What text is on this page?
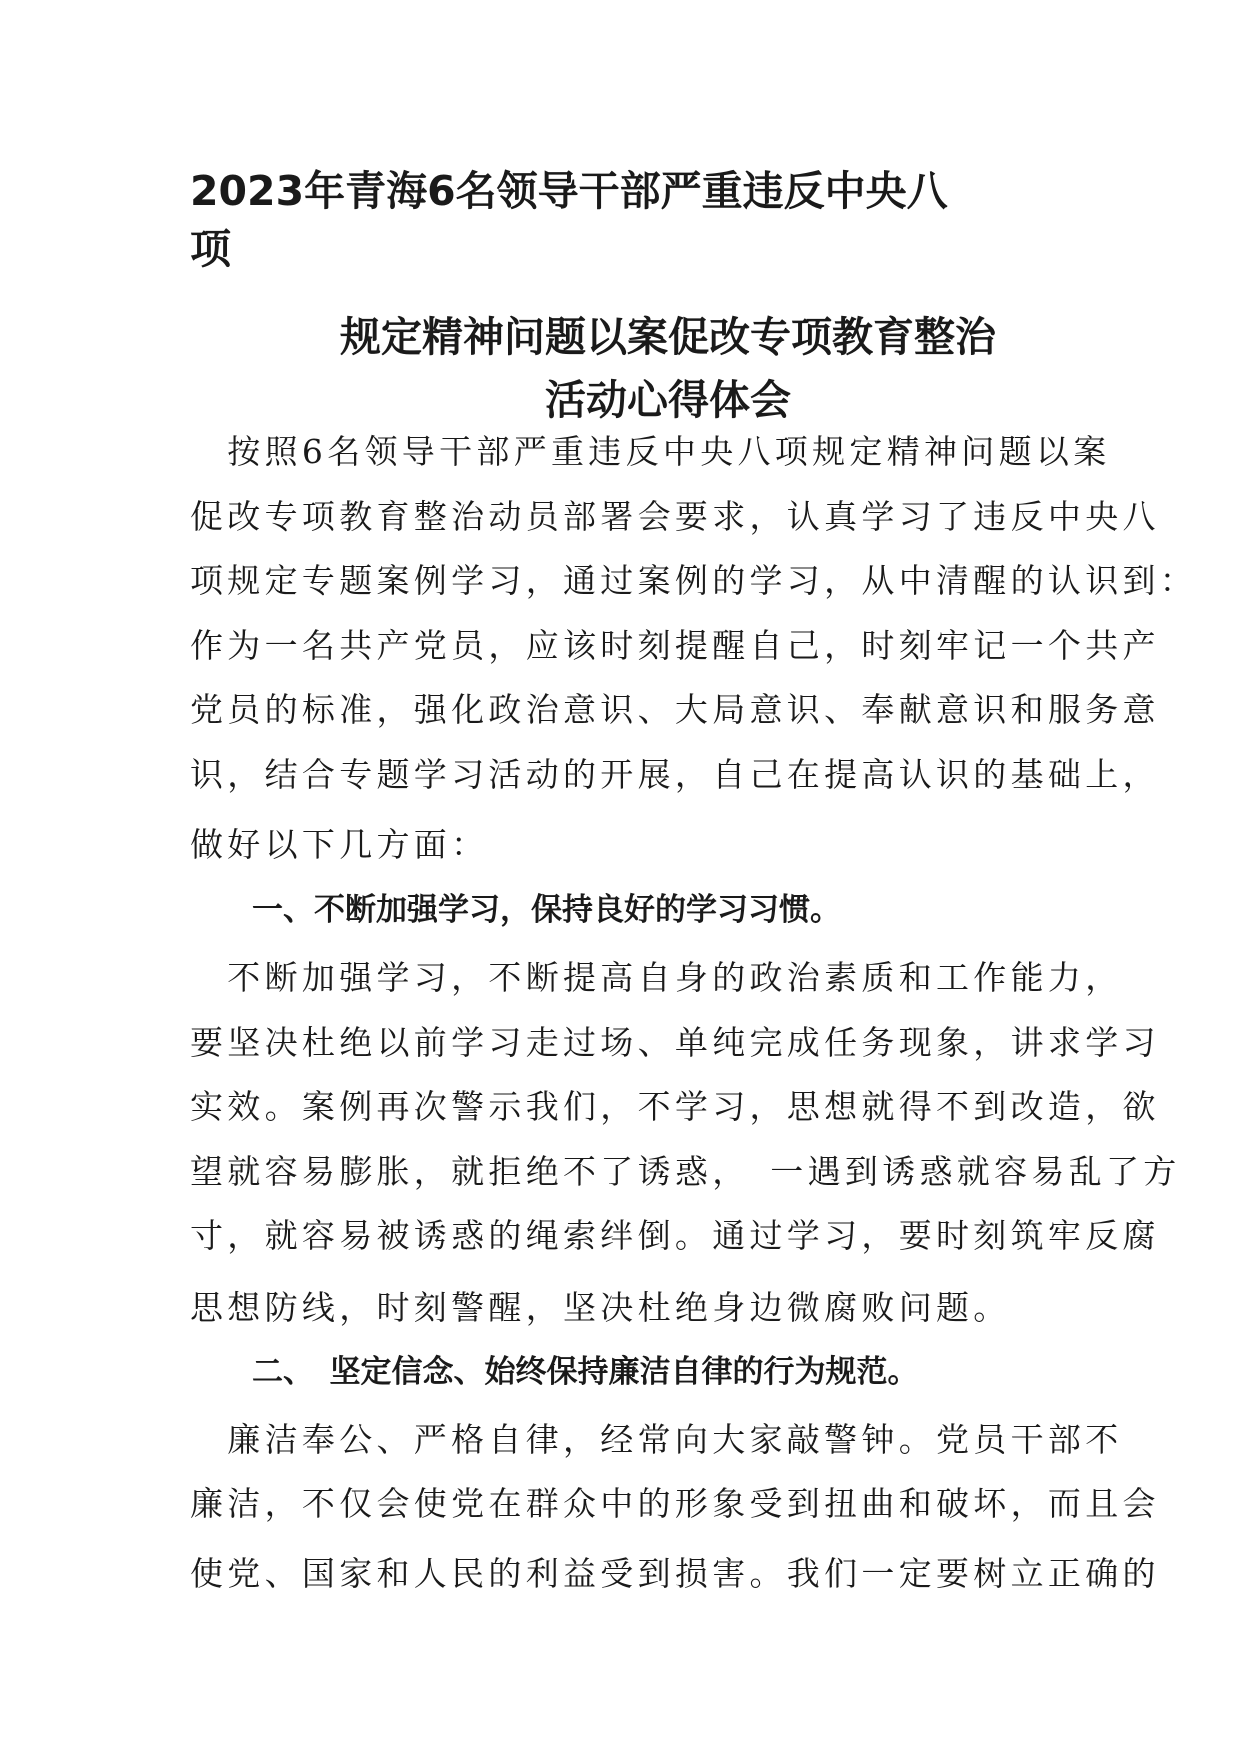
2023年青海6名领导干部严重违反中央八
项
规定精神问题以案促改专项教育整治
活动心得体会
　按照6名领导干部严重违反中央八项规定精神问题以案
促改专项教育整治动员部署会要求，认真学习了违反中央八
项规定专题案例学习，通过案例的学习，从中清醒的认识到：
作为一名共产党员，应该时刻提醒自己，时刻牢记一个共产
党员的标准，强化政治意识、大局意识、奉献意识和服务意
识，结合专题学习活动的开展，自己在提高认识的基础上，
做好以下几方面：
一、不断加强学习，保持良好的学习习惯。
　不断加强学习，不断提高自身的政治素质和工作能力，
要坚决杜绝以前学习走过场、单纯完成任务现象，讲求学习
实效。案例再次警示我们，不学习，思想就得不到改造，欲
望就容易膨胀，就拒绝不了诱惑，　一遇到诱惑就容易乱了方
寸，就容易被诱惑的绳索绊倒。通过学习，要时刻筑牢反腐
思想防线，时刻警醒，坚决杜绝身边微腐败问题。
二、　坚定信念、始终保持廉洁自律的行为规范。
　廉洁奉公、严格自律，经常向大家敲警钟。党员干部不
廉洁，不仅会使党在群众中的形象受到扭曲和破坏，而且会
使党、国家和人民的利益受到损害。我们一定要树立正确的
